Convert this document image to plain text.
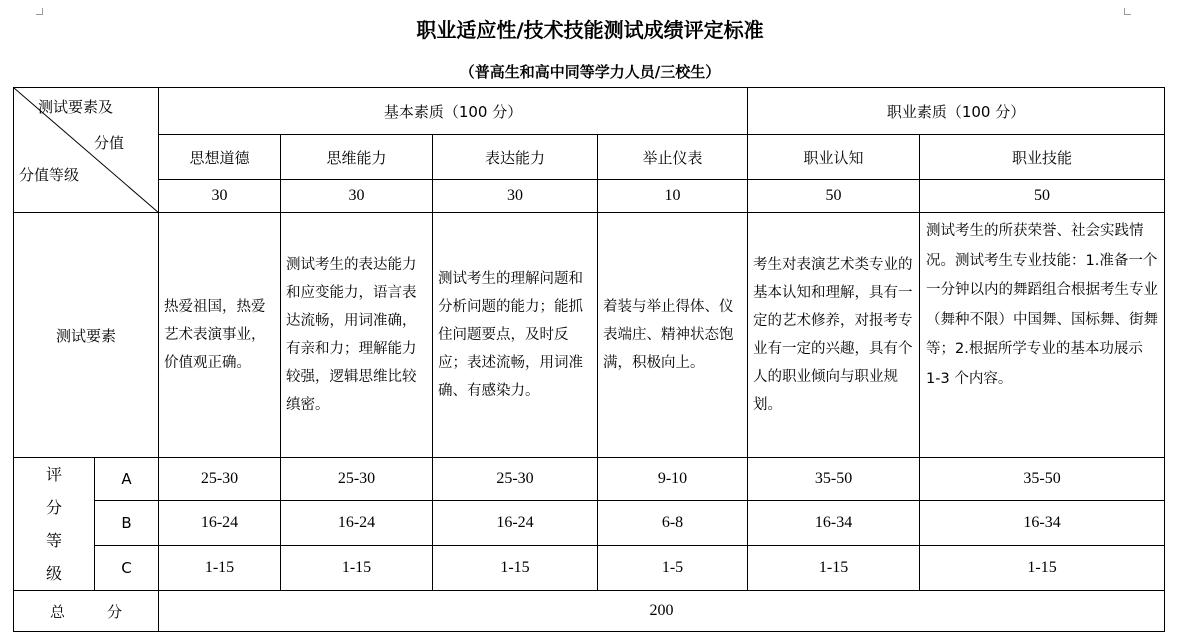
职业适应性/技术技能测试成绩评定标准
（普高生和高中同等学力人员/三校生）
测试要素及
分值
分值等级		基本素质（100 分）				职业素质（100 分）	
		思想道德	思维能力	表达能力	举止仪表	职业认知	职业技能
		30	30	30	10	50	50
测试要素		热爱祖国，热爱艺术表演事业，价值观正确。	测试考生的表达能力和应变能力，语言表达流畅，用词准确，有亲和力；理解能力较强，逻辑思维比较缜密。	测试考生的理解问题和分析问题的能力；能抓住问题要点，及时反应；表述流畅，用词准确、有感染力。	着装与举止得体、仪表端庄、精神状态饱满，积极向上。	考生对表演艺术类专业的基本认知和理解，具有一定的艺术修养，对报考专业有一定的兴趣，具有个人的职业倾向与职业规划。	测试考生的所获荣誉、社会实践情况。测试考生专业技能：1.准备一个一分钟以内的舞蹈组合根据考生专业（舞种不限）中国舞、国标舞、街舞等；2.根据所学专业的基本功展示 1-3 个内容。

评
分
等
级	A	25-30	25-30	25-30	9-10	35-50	35-50
	B	16-24	16-24	16-24	6-8	16-34	16-34
	C	1-15	1-15	1-15	1-5	1-15	1-15
总 分		200					
